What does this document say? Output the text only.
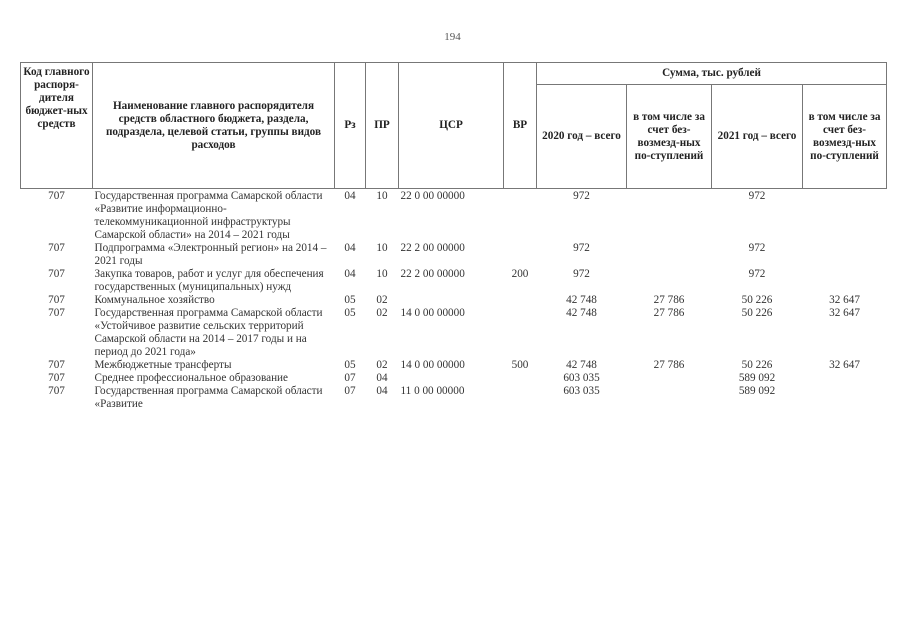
194
Код главного распоря-дителя бюджет-ных средств	Наименование главного распорядителя средств областного бюджета, раздела, подраздела, целевой статьи, группы видов расходов	Рз	ПР	ЦСР	ВР	Сумма, тыс. рублей			
						2020 год – всего	в том числе за счет без-возмезд-ных по-ступлений	2021 год – всего	в том числе за счет без-возмезд-ных по-ступлений
707	Государственная программа Самарской области «Развитие информационно-телекоммуникационной инфраструктуры Самарской области» на 2014 – 2021 годы	04	10	22 0 00 00000		972		972	
707	Подпрограмма «Электронный регион» на 2014 – 2021 годы	04	10	22 2 00 00000		972		972	
707	Закупка товаров, работ и услуг для обеспечения государственных (муниципальных) нужд	04	10	22 2 00 00000	200	972		972	
707	Коммунальное хозяйство	05	02			42 748	27 786	50 226	32 647
707	Государственная программа Самарской области «Устойчивое развитие сельских территорий Самарской области на 2014 – 2017 годы и на период до 2021 года»	05	02	14 0 00 00000		42 748	27 786	50 226	32 647
707	Межбюджетные трансферты	05	02	14 0 00 00000	500	42 748	27 786	50 226	32 647
707	Среднее профессиональное образование	07	04			603 035		589 092	
707	Государственная программа Самарской области «Развитие	07	04	11 0 00 00000		603 035		589 092	
